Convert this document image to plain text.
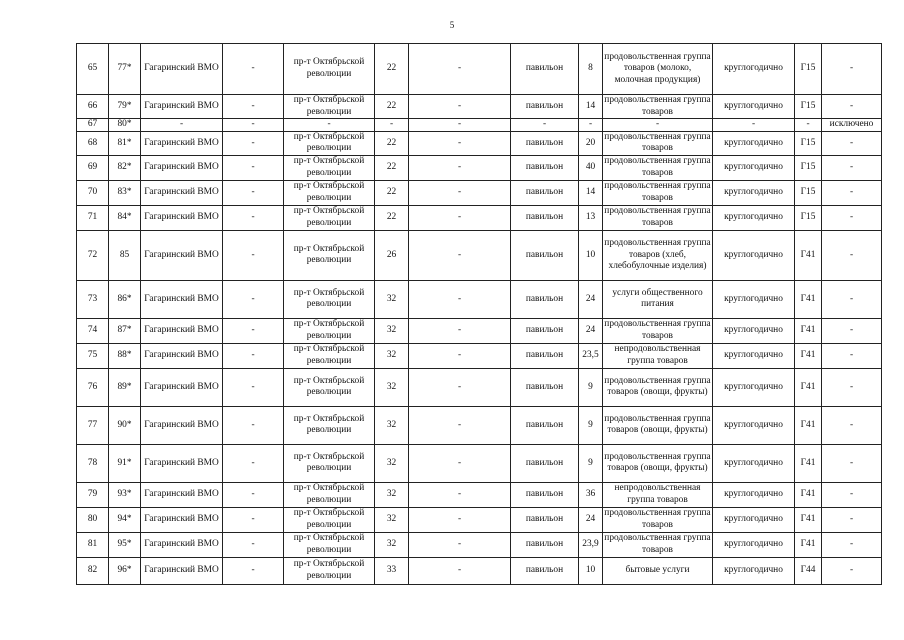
5
65	77*	Гагаринский ВМО	-	пр-т Октябрьской революции	22	-	павильон	8	продовольственная группа товаров (молоко, молочная продукция)	круглогодично	Г15	-
66	79*	Гагаринский ВМО	-	пр-т Октябрьской революции	22	-	павильон	14	продовольственная группа товаров	круглогодично	Г15	-
67	80*	-	-	-	-	-	-	-	-	-	-	исключено
68	81*	Гагаринский ВМО	-	пр-т Октябрьской революции	22	-	павильон	20	продовольственная группа товаров	круглогодично	Г15	-
69	82*	Гагаринский ВМО	-	пр-т Октябрьской революции	22	-	павильон	40	продовольственная группа товаров	круглогодично	Г15	-
70	83*	Гагаринский ВМО	-	пр-т Октябрьской революции	22	-	павильон	14	продовольственная группа товаров	круглогодично	Г15	-
71	84*	Гагаринский ВМО	-	пр-т Октябрьской революции	22	-	павильон	13	продовольственная группа товаров	круглогодично	Г15	-
72	85	Гагаринский ВМО	-	пр-т Октябрьской революции	26	-	павильон	10	продовольственная группа товаров (хлеб, хлебобулочные изделия)	круглогодично	Г41	-
73	86*	Гагаринский ВМО	-	пр-т Октябрьской революции	32	-	павильон	24	услуги общественного питания	круглогодично	Г41	-
74	87*	Гагаринский ВМО	-	пр-т Октябрьской революции	32	-	павильон	24	продовольственная группа товаров	круглогодично	Г41	-
75	88*	Гагаринский ВМО	-	пр-т Октябрьской революции	32	-	павильон	23,5	непродовольственная группа товаров	круглогодично	Г41	-
76	89*	Гагаринский ВМО	-	пр-т Октябрьской революции	32	-	павильон	9	продовольственная группа товаров (овощи, фрукты)	круглогодично	Г41	-
77	90*	Гагаринский ВМО	-	пр-т Октябрьской революции	32	-	павильон	9	продовольственная группа товаров (овощи, фрукты)	круглогодично	Г41	-
78	91*	Гагаринский ВМО	-	пр-т Октябрьской революции	32	-	павильон	9	продовольственная группа товаров (овощи, фрукты)	круглогодично	Г41	-
79	93*	Гагаринский ВМО	-	пр-т Октябрьской революции	32	-	павильон	36	непродовольственная группа товаров	круглогодично	Г41	-
80	94*	Гагаринский ВМО	-	пр-т Октябрьской революции	32	-	павильон	24	продовольственная группа товаров	круглогодично	Г41	-
81	95*	Гагаринский ВМО	-	пр-т Октябрьской революции	32	-	павильон	23,9	продовольственная группа товаров	круглогодично	Г41	-
82	96*	Гагаринский ВМО	-	пр-т Октябрьской революции	33	-	павильон	10	бытовые услуги	круглогодично	Г44	-
